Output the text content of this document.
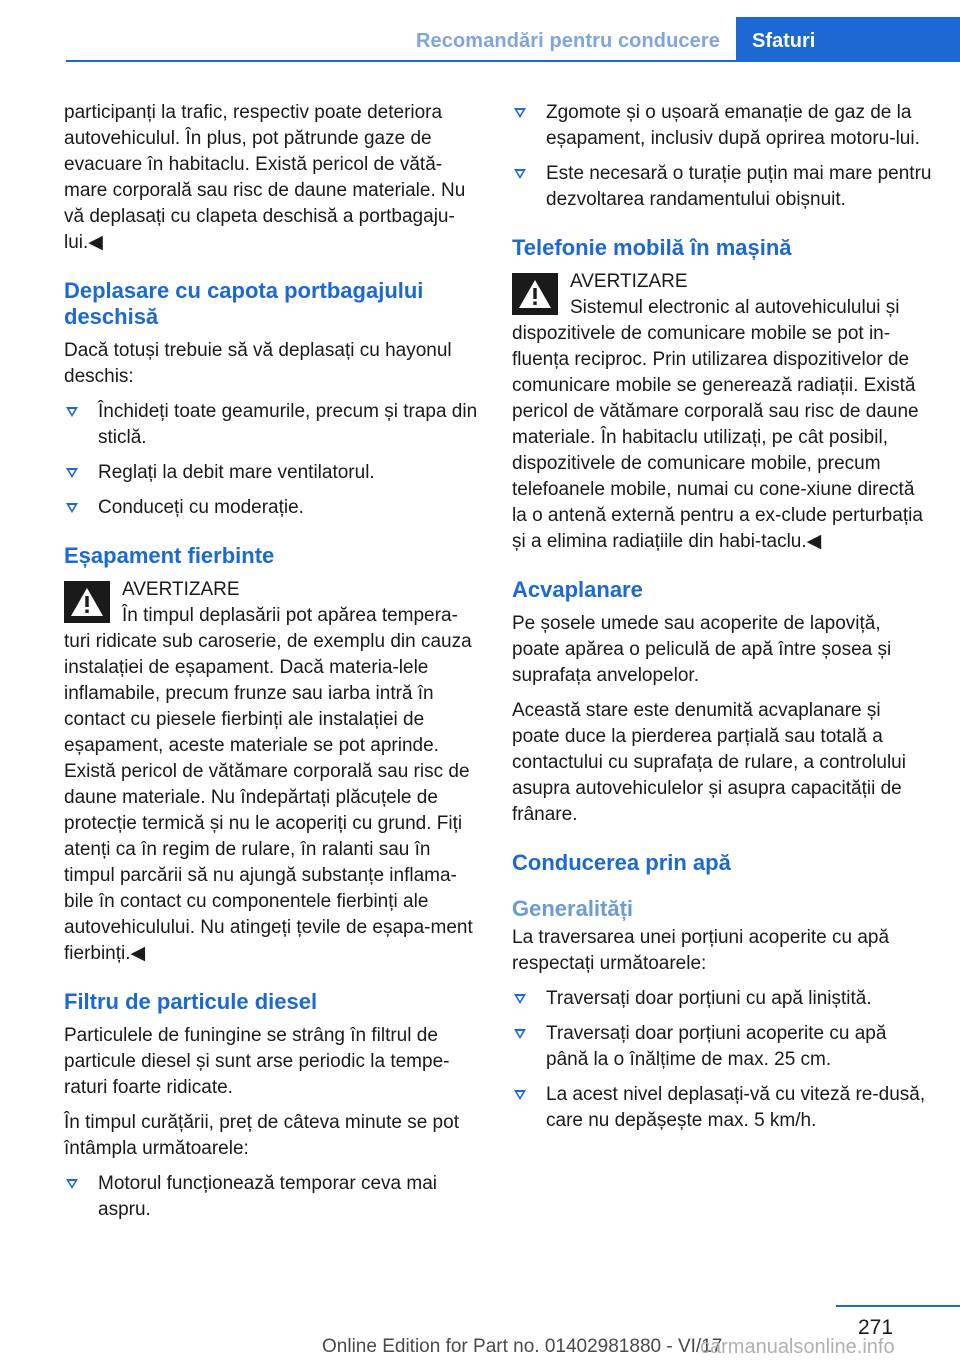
Recomandări pentru conducere	Sfaturi

participanți la trafic, respectiv poate deteriora autovehiculul. În plus, pot pătrunde gaze de evacuare în habitaclu. Există pericol de vătă‐mare corporală sau risc de daune materiale. Nu vă deplasați cu clapeta deschisă a portbagaju‐lui.◀

Deplasare cu capota portbagajului deschisă

Dacă totuși trebuie să vă deplasați cu hayonul deschis:

Închideți toate geamurile, precum și trapa din sticlă.
Reglați la debit mare ventilatorul.
Conduceți cu moderație.
Eșapament fierbinte
AVERTIZARE
În timpul deplasării pot apărea tempera‐turi ridicate sub caroserie, de exemplu din cauza instalației de eșapament. Dacă materia‐lele inflamabile, precum frunze sau iarba intră în contact cu piesele fierbinți ale instalației de eșapament, aceste materiale se pot aprinde. Există pericol de vătămare corporală sau risc de daune materiale. Nu îndepărtați plăcuțele de protecție termică și nu le acoperiți cu grund. Fiți atenți ca în regim de rulare, în ralanti sau în timpul parcării să nu ajungă substanțe inflama‐bile în contact cu componentele fierbinți ale autovehiculului. Nu atingeți țevile de eșapa‐ment fierbinți.◀
Filtru de particule diesel

Particulele de funingine se strâng în filtrul de particule diesel și sunt arse periodic la tempe‐raturi foarte ridicate.

În timpul curățării, preț de câteva minute se pot întâmpla următoarele:

Motorul funcționează temporar ceva mai aspru.
Zgomote și o ușoară emanație de gaz de la eșapament, inclusiv după oprirea motoru‐lui.
Este necesară o turație puțin mai mare pentru dezvoltarea randamentului obișnuit.
Telefonie mobilă în mașină
AVERTIZARE
Sistemul electronic al autovehiculului și dispozitivele de comunicare mobile se pot in‐fluența reciproc. Prin utilizarea dispozitivelor de comunicare mobile se generează radiații. Există pericol de vătămare corporală sau risc de daune materiale. În habitaclu utilizați, pe cât posibil, dispozitivele de comunicare mobile, precum telefoanele mobile, numai cu cone‐xiune directă la o antenă externă pentru a ex‐clude perturbația și a elimina radiațiile din habi‐taclu.◀
Acvaplanare

Pe șosele umede sau acoperite de lapoviță, poate apărea o peliculă de apă între șosea și suprafața anvelopelor.

Această stare este denumită acvaplanare și poate duce la pierderea parțială sau totală a contactului cu suprafața de rulare, a controlului asupra autovehiculelor și asupra capacității de frânare.

Conducerea prin apă
Generalități

La traversarea unei porțiuni acoperite cu apă respectați următoarele:

Traversați doar porțiuni cu apă liniștită.
Traversați doar porțiuni acoperite cu apă până la o înălțime de max. 25 cm.
La acest nivel deplasați-vă cu viteză re‐dusă, care nu depășește max. 5 km/h.
271
Online Edition for Part no. 01402981880 - VI/17
carmanualsonline.info
